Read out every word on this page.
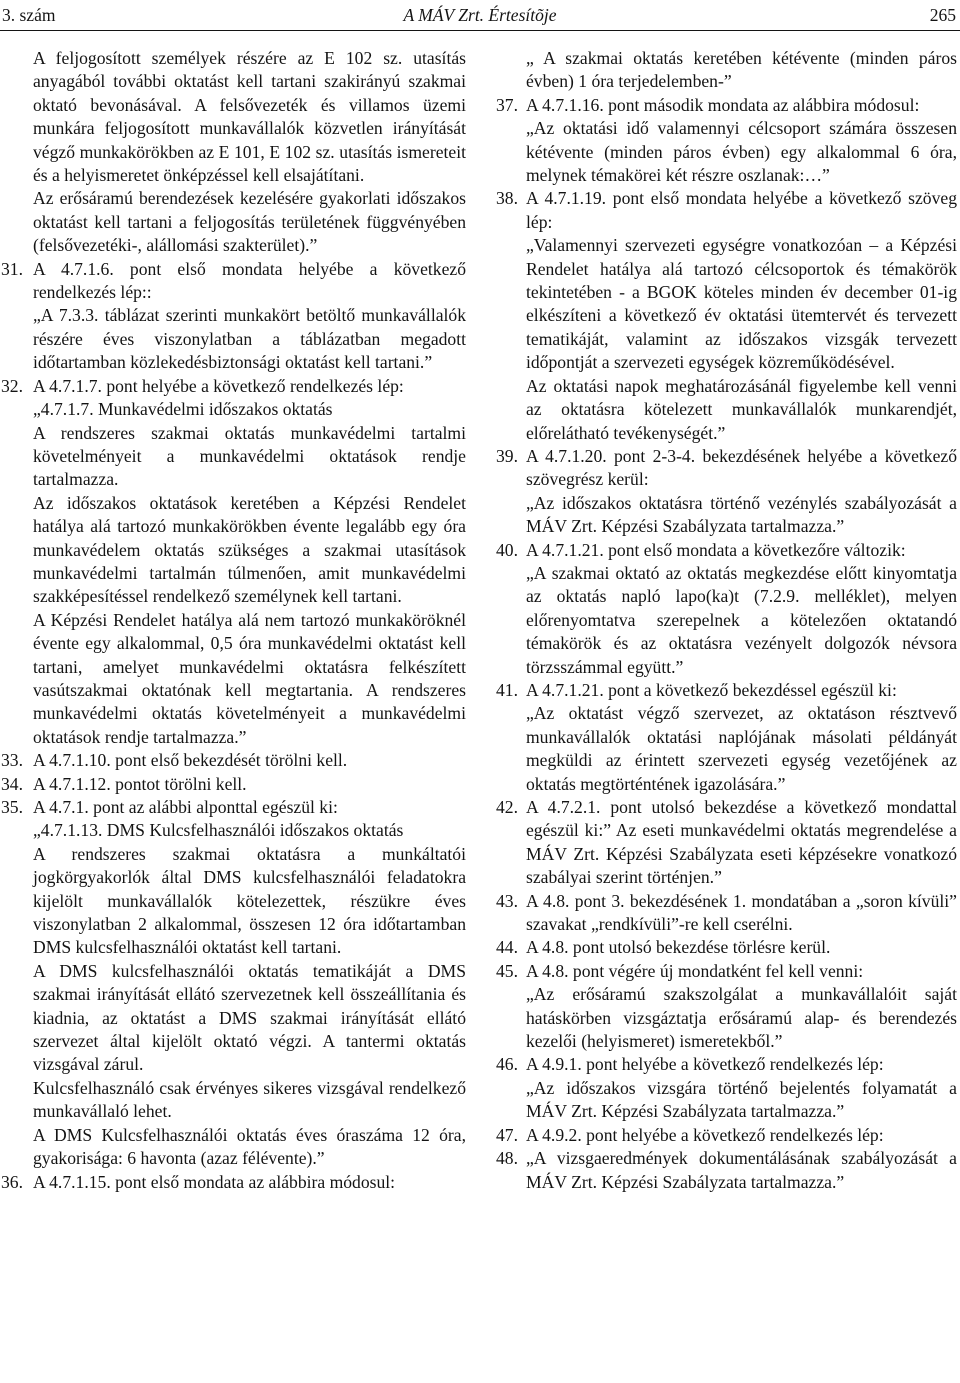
3. szám	A MÁV Zrt. Értesítõje	265

A feljogosított személyek részére az E 102 sz. utasítás anyagából további oktatást kell tartani szakirányú szakmai oktató bevonásával. A felsővezeték és villamos üzemi munkára feljogosított munkavállalók közvetlen irányítását végző munkakörökben az E 101, E 102 sz. utasítás ismereteit és a helyismeretet önképzéssel kell elsajátítani.

Az erősáramú berendezések kezelésére gyakorlati időszakos oktatást kell tartani a feljogosítás területének függvényében (felsővezetéki-, alállomási szakterület).”

31. A 4.7.1.6. pont első mondata helyébe a következő rendelkezés lép::

„A 7.3.3. táblázat szerinti munkakört betöltő munkavállalók részére éves viszonylatban a táblázatban megadott időtartamban közlekedésbiztonsági oktatást kell tartani.”

32. A 4.7.1.7. pont helyébe a következő rendelkezés lép:

„4.7.1.7. Munkavédelmi időszakos oktatás

A rendszeres szakmai oktatás munkavédelmi tartalmi követelményeit a munkavédelmi oktatások rendje tartalmazza.

Az időszakos oktatások keretében a Képzési Rendelet hatálya alá tartozó munkakörökben évente legalább egy óra munkavédelem oktatás szükséges a szakmai utasítások munkavédelmi tartalmán túlmenően, amit munkavédelmi szakképesítéssel rendelkező személynek kell tartani.

A Képzési Rendelet hatálya alá nem tartozó munkaköröknél évente egy alkalommal, 0,5 óra munkavédelmi oktatást kell tartani, amelyet munkavédelmi oktatásra felkészített vasútszakmai oktatónak kell megtartania. A rendszeres munkavédelmi oktatás követelményeit a munkavédelmi oktatások rendje tartalmazza.”

33. A 4.7.1.10. pont első bekezdését törölni kell.

34. A 4.7.1.12. pontot törölni kell.

35. A 4.7.1. pont az alábbi alponttal egészül ki:

„4.7.1.13. DMS Kulcsfelhasználói időszakos oktatás

A rendszeres szakmai oktatásra a munkáltatói jogkörgyakorlók által DMS kulcsfelhasználói feladatokra kijelölt munkavállalók kötelezettek, részükre éves viszonylatban 2 alkalommal, összesen 12 óra időtartamban DMS kulcsfelhasználói oktatást kell tartani.

A DMS kulcsfelhasználói oktatás tematikáját a DMS szakmai irányítását ellátó szervezetnek kell összeállítania és kiadnia, az oktatást a DMS szakmai irányítását ellátó szervezet által kijelölt oktató végzi. A tantermi oktatás vizsgával zárul.

Kulcsfelhasználó csak érvényes sikeres vizsgával rendelkező munkavállaló lehet.

A DMS Kulcsfelhasználói oktatás éves óraszáma 12 óra, gyakorisága: 6 havonta (azaz félévente).”

36. A 4.7.1.15. pont első mondata az alábbira módosul:

„ A szakmai oktatás keretében kétévente (minden páros évben) 1 óra terjedelemben-”

37. A 4.7.1.16. pont második mondata az alábbira módosul:

„Az oktatási idő valamennyi célcsoport számára összesen kétévente (minden páros évben) egy alkalommal 6 óra, melynek témakörei két részre oszlanak:…”

38. A 4.7.1.19. pont első mondata helyébe a következő szöveg lép:

„Valamennyi szervezeti egységre vonatkozóan – a Képzési Rendelet hatálya alá tartozó célcsoportok és témakörök tekintetében - a BGOK köteles minden év december 01-ig elkészíteni a következő év oktatási ütemtervét és tervezett tematikáját, valamint az időszakos vizsgák tervezett időpontját a szervezeti egységek közreműködésével.

Az oktatási napok meghatározásánál figyelembe kell venni az oktatásra kötelezett munkavállalók munkarendjét, előrelátható tevékenységét.”

39. A 4.7.1.20. pont 2-3-4. bekezdésének helyébe a következő szövegrész kerül:

„Az időszakos oktatásra történő vezénylés szabályozását a MÁV Zrt. Képzési Szabályzata tartalmazza.”

40. A 4.7.1.21. pont első mondata a következőre változik:

„A szakmai oktató az oktatás megkezdése előtt kinyomtatja az oktatás napló lapo(ka)t (7.2.9. melléklet), melyen előrenyomtatva szerepelnek a kötelezően oktatandó témakörök és az oktatásra vezényelt dolgozók névsora törzsszámmal együtt.”

41. A 4.7.1.21. pont a következő bekezdéssel egészül ki:

„Az oktatást végző szervezet, az oktatáson résztvevő munkavállalók oktatási naplójának másolati példányát megküldi az érintett szervezeti egység vezetőjének az oktatás megtörténtének igazolására.”

42. A 4.7.2.1. pont utolsó bekezdése a következő mondattal egészül ki:” Az eseti munkavédelmi oktatás megrendelése a MÁV Zrt. Képzési Szabályzata eseti képzésekre vonatkozó szabályai szerint történjen.”

43. A 4.8. pont 3. bekezdésének 1. mondatában a „soron kívüli” szavakat „rendkívüli”-re kell cserélni.

44. A 4.8. pont utolsó bekezdése törlésre kerül.

45. A 4.8. pont végére új mondatként fel kell venni:

„Az erősáramú szakszolgálat a munkavállalóit saját hatáskörben vizsgáztatja erősáramú alap- és berendezés kezelői (helyismeret) ismeretekből.”

46. A 4.9.1. pont helyébe a következő rendelkezés lép:

„Az időszakos vizsgára történő bejelentés folyamatát a MÁV Zrt. Képzési Szabályzata tartalmazza.”

47. A 4.9.2. pont helyébe a következő rendelkezés lép:

48. „A vizsgaeredmények dokumentálásának szabályozását a MÁV Zrt. Képzési Szabályzata tartalmazza.”
